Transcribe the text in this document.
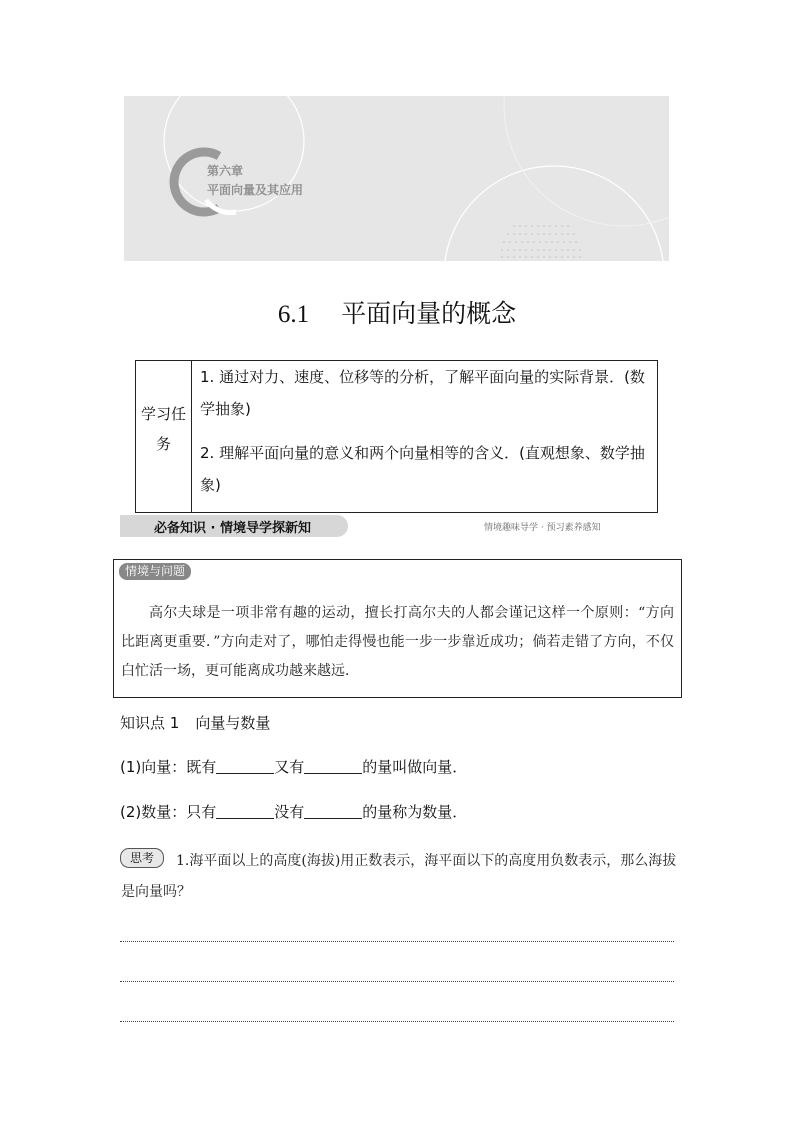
第六章
平面向量及其应用
6.1 平面向量的概念
学习任务

1. 通过对力、速度、位移等的分析，了解平面向量的实际背景．(数学抽象)

2. 理解平面向量的意义和两个向量相等的含义．(直观想象、数学抽象)

必备知识 · 情境导学探新知	情境趣味导学 · 预习素养感知
情境与问题
高尔夫球是一项非常有趣的运动，擅长打高尔夫的人都会谨记这样一个原则：“方向比距离更重要．”方向走对了，哪怕走得慢也能一步一步靠近成功；倘若走错了方向，不仅白忙活一场，更可能离成功越来越远．
知识点 1 向量与数量
(1)向量：既有	又有	的量叫做向量．
(2)数量：只有	没有	的量称为数量．
思考	1.海平面以上的高度(海拔)用正数表示，海平面以下的高度用负数表示，那么海拔是向量吗？
